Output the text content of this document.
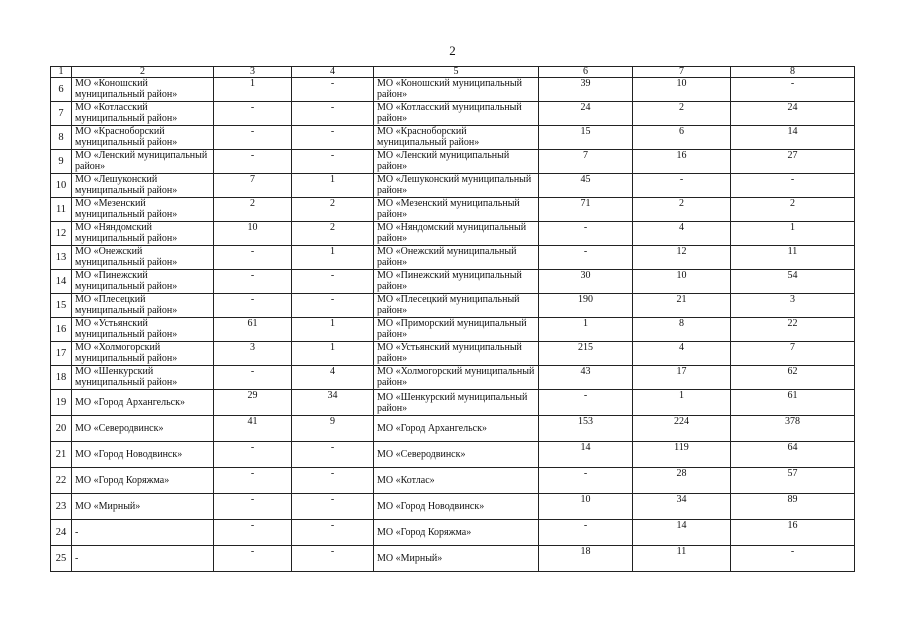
2
1	2	3	4	5	6	7	8
6	МО «Коношский муниципальный район»	1	-	МО «Коношский муниципальный район»	39	10	-
7	МО «Котласский муниципальный район»	-	-	МО «Котласский муниципальный район»	24	2	24
8	МО «Красноборский муниципальный район»	-	-	МО «Красноборский муниципальный район»	15	6	14
9	МО «Ленский муниципальный район»	-	-	МО «Ленский муниципальный район»	7	16	27
10	МО «Лешуконский муниципальный район»	7	1	МО «Лешуконский муниципальный район»	45	-	-
11	МО «Мезенский муниципальный район»	2	2	МО «Мезенский муниципальный район»	71	2	2
12	МО «Няндомский муниципальный район»	10	2	МО «Няндомский муниципальный район»	-	4	1
13	МО «Онежский муниципальный район»	-	1	МО «Онежский муниципальный район»	-	12	11
14	МО «Пинежский муниципальный район»	-	-	МО «Пинежский муниципальный район»	30	10	54
15	МО «Плесецкий муниципальный район»	-	-	МО «Плесецкий муниципальный район»	190	21	3
16	МО «Устьянский муниципальный район»	61	1	МО «Приморский муниципальный район»	1	8	22
17	МО «Холмогорский муниципальный район»	3	1	МО «Устьянский муниципальный район»	215	4	7
18	МО «Шенкурский муниципальный район»	-	4	МО «Холмогорский муниципальный район»	43	17	62
19	МО «Город Архангельск»	29	34	МО «Шенкурский муниципальный район»	-	1	61
20	МО «Северодвинск»	41	9	МО «Город Архангельск»	153	224	378
21	МО «Город Новодвинск»	-	-	МО «Северодвинск»	14	119	64
22	МО «Город Коряжма»	-	-	МО «Котлас»	-	28	57
23	МО «Мирный»	-	-	МО «Город Новодвинск»	10	34	89
24	-	-	-	МО «Город Коряжма»	-	14	16
25	-	-	-	МО «Мирный»	18	11	-
